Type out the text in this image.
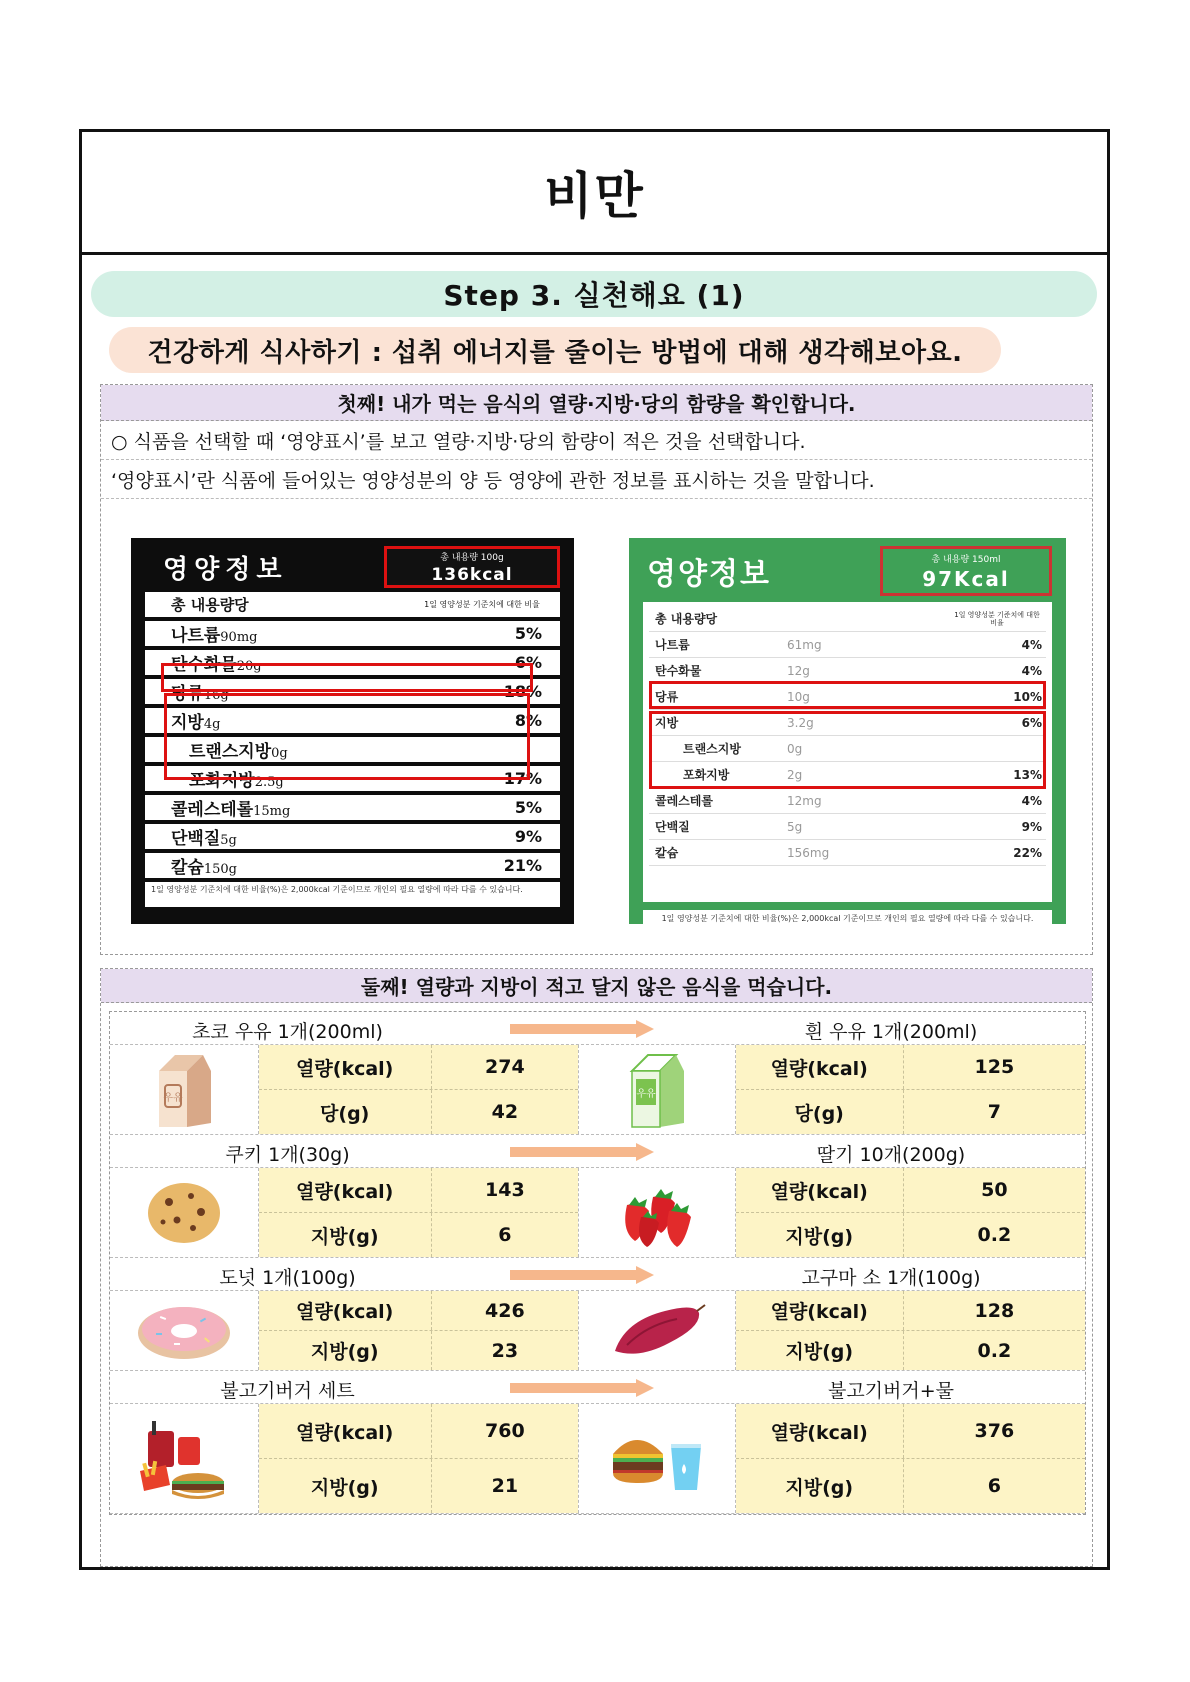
비만
Step 3. 실천해요 (1)
건강하게 식사하기 : 섭취 에너지를 줄이는 방법에 대해 생각해보아요.
첫째! 내가 먹는 음식의 열량·지방·당의 함량을 확인합니다.
○ 식품을 선택할 때 ‘영양표시’를 보고 열량·지방·당의 함량이 적은 것을 선택합니다.
‘영양표시’란 식품에 들어있는 영양성분의 양 등 영양에 관한 정보를 표시하는 것을 말합니다.
영양정보	총 내용량 100g
136kcal
총 내용량당	1일 영양성분 기준치에 대한 비율
나트륨90mg	5%
탄수화물20g	6%
당류16g	18%
지방4g	8%
트랜스지방0g
포화지방2.5g	17%
콜레스테롤15mg	5%
단백질5g	9%
칼슘150g	21%
1일 영양성분 기준치에 대한 비율(%)은 2,000kcal 기준이므로 개인의 필요 열량에 따라 다를 수 있습니다.
영양정보	총 내용량 150ml
97Kcal
총 내용량당	1일 영양성분 기준치에 대한 비율
나트륨	61mg	4%
탄수화물	12g	4%
당류	10g	10%
지방	3.2g	6%
트랜스지방	0g
포화지방	2g	13%
콜레스테롤	12mg	4%
단백질	5g	9%
칼슘	156mg	22%
1일 영양성분 기준치에 대한 비율(%)은 2,000kcal 기준이므로 개인의 필요 열량에 따라 다를 수 있습니다.
둘째! 열량과 지방이 적고 달지 않은 음식을 먹습니다.
초코 우유 1개(200ml)	흰 우유 1개(200ml)
우유
열량(kcal)	274
당(g)	42
우유
열량(kcal)	125
당(g)	7
쿠키 1개(30g)	딸기 10개(200g)
열량(kcal)	143
지방(g)	6
열량(kcal)	50
지방(g)	0.2
도넛 1개(100g)	고구마 소 1개(100g)
열량(kcal)	426
지방(g)	23
열량(kcal)	128
지방(g)	0.2
불고기버거 세트	불고기버거+물
열량(kcal)	760
지방(g)	21
열량(kcal)	376
지방(g)	6
